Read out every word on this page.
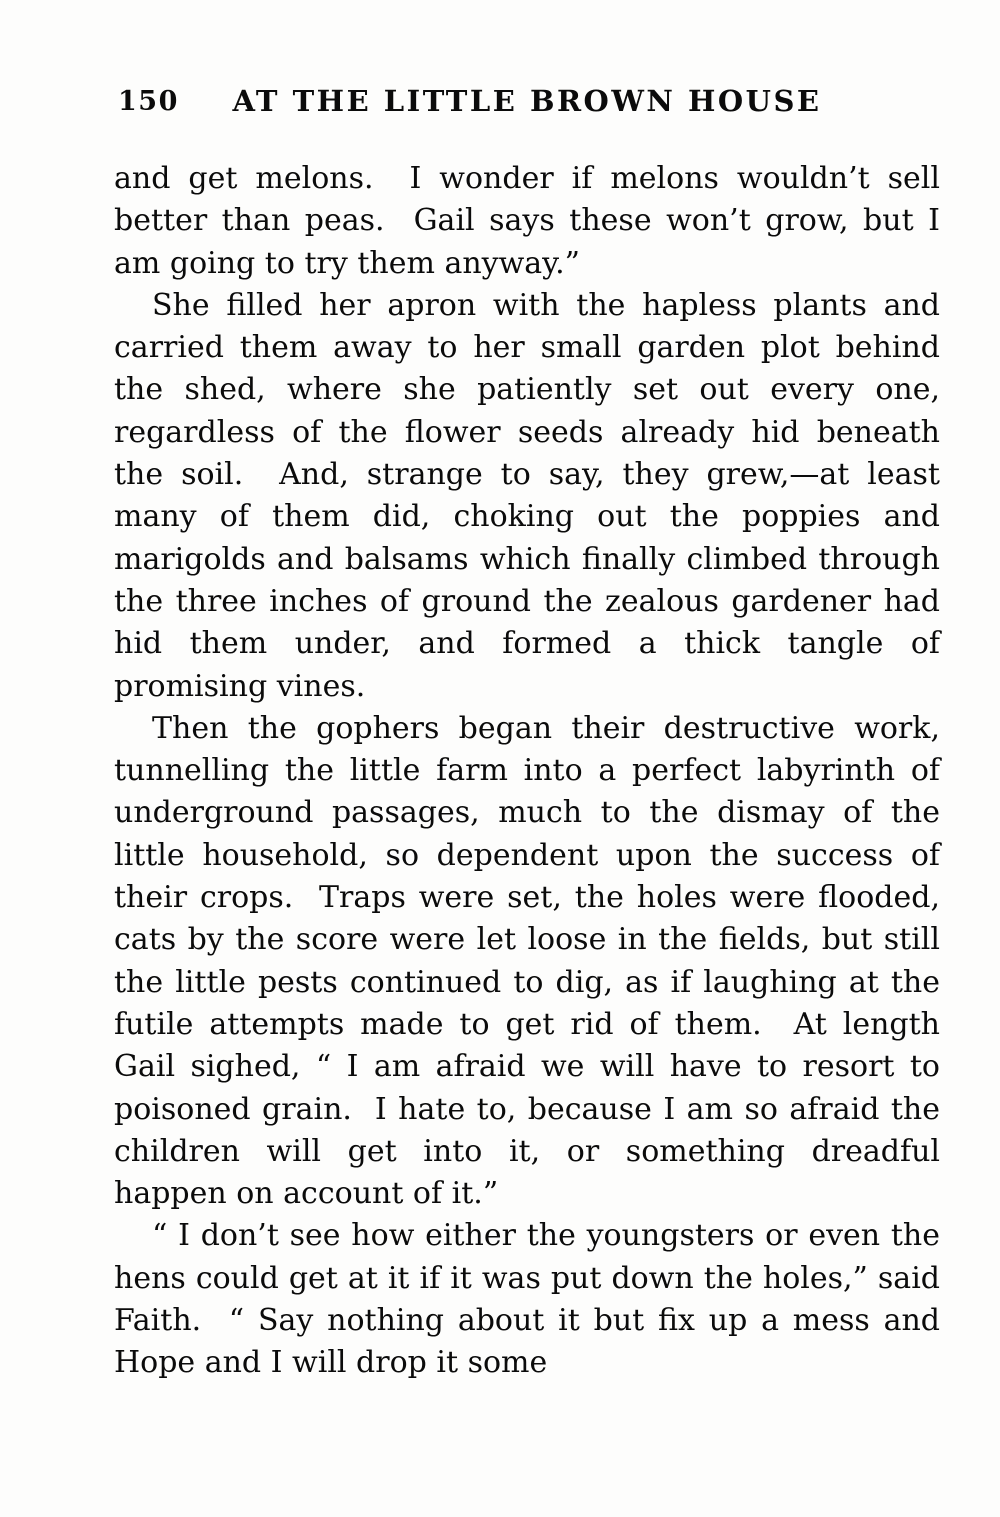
150 AT THE LITTLE BROWN HOUSE

and get melons.  I wonder if melons wouldn’t sell better than peas.  Gail says these won’t grow, but I am going to try them anyway.”

She filled her apron with the hapless plants and carried them away to her small garden plot behind the shed, where she patiently set out every one, regardless of the flower seeds already hid beneath the soil.  And, strange to say, they grew,—at least many of them did, choking out the poppies and marigolds and balsams which finally climbed through the three inches of ground the zealous gardener had hid them under, and formed a thick tangle of promising vines.

Then the gophers began their destructive work, tunnelling the little farm into a perfect labyrinth of underground passages, much to the dismay of the little household, so dependent upon the success of their crops.  Traps were set, the holes were flooded, cats by the score were let loose in the fields, but still the little pests continued to dig, as if laughing at the futile attempts made to get rid of them.  At length Gail sighed, “ I am afraid we will have to resort to poisoned grain.  I hate to, because I am so afraid the children will get into it, or something dreadful happen on account of it.”

“ I don’t see how either the youngsters or even the hens could get at it if it was put down the holes,” said Faith.  “ Say nothing about it but fix up a mess and Hope and I will drop it some
